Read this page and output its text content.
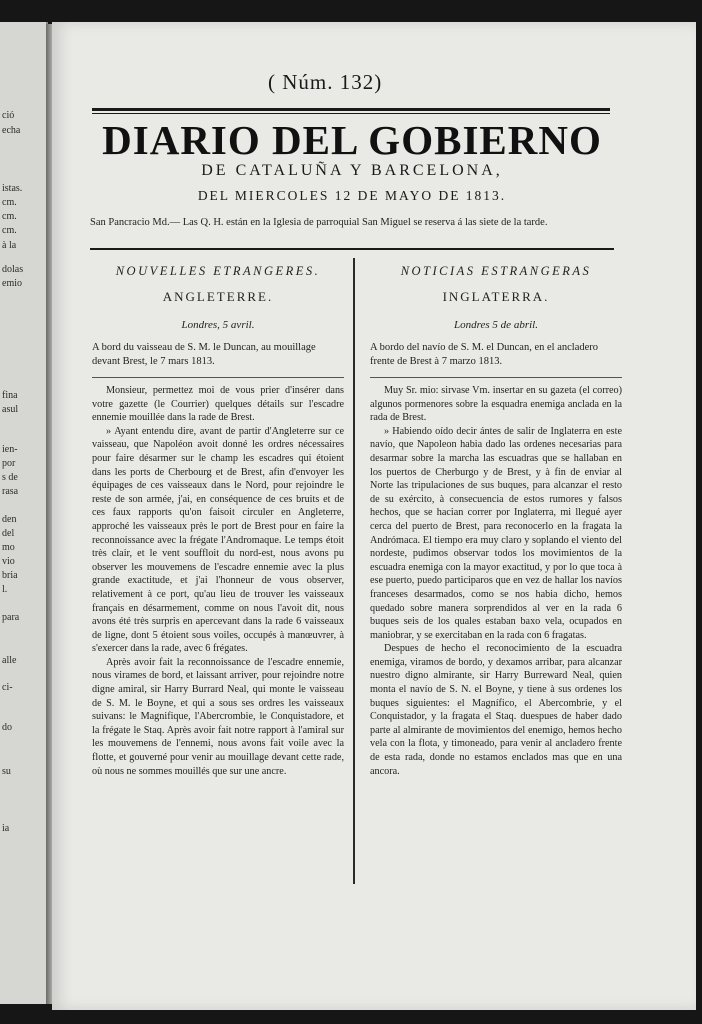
ció
echa
istas.
cm.
cm.
cm.
à la
dolas
emio
fina
asul
ien-
por
s de
rasa
den
del
mo
vio
bria
l.
para
alle
ci-
do
su
ia
( Núm. 132)
DIARIO DEL GOBIERNO
DE CATALUÑA Y BARCELONA,
DEL MIERCOLES 12 DE MAYO DE 1813.
San Pancracio Md.— Las Q. H. están en la Iglesia de parroquial San Miguel se reserva á las siete de la tarde.
NOUVELLES ETRANGERES.
ANGLETERRE.
Londres, 5 avril.
A bord du vaisseau de S. M. le Duncan, au mouillage devant Brest, le 7 mars 1813.

Monsieur, permettez moi de vous prier d'insérer dans votre gazette (le Courrier) quelques détails sur l'escadre ennemie mouillée dans la rade de Brest.

» Ayant entendu dire, avant de partir d'Angleterre sur ce vaisseau, que Napoléon avoit donné les ordres nécessaires pour faire désarmer sur le champ les escadres qui étoient dans les ports de Cherbourg et de Brest, afin d'envoyer les équipages de ces vaisseaux dans le Nord, pour rejoindre le reste de son armée, j'ai, en conséquence de ces bruits et de ces faux rapports qu'on faisoit circuler en Angleterre, approché les vaisseaux près le port de Brest pour en faire la reconnoissance avec la frégate l'Andromaque. Le temps étoit très clair, et le vent souffloit du nord-est, nous avons pu observer les mouvemens de l'escadre ennemie avec la plus grande exactitude, et j'ai l'honneur de vous observer, relativement à ce port, qu'au lieu de trouver les vaisseaux français en désarmement, comme on nous l'avoit dit, nous avons été très surpris en apercevant dans la rade 6 vaisseaux de ligne, dont 5 étoient sous voiles, occupés à manœuvrer, à s'exercer dans la rade, avec 6 frégates.

Après avoir fait la reconnoissance de l'escadre ennemie, nous virames de bord, et laissant arriver, pour rejoindre notre digne amiral, sir Harry Burrard Neal, qui monte le vaisseau de S. M. le Boyne, et qui a sous ses ordres les vaisseaux suivans: le Magnifique, l'Abercrombie, le Conquistadore, et la frégate le Staq. Après avoir fait notre rapport à l'amiral sur les mouvemens de l'ennemi, nous avons fait voile avec la flotte, et gouverné pour venir au mouillage devant cette rade, où nous ne sommes mouillés que sur une ancre.

NOTICIAS ESTRANGERAS
INGLATERRA.
Londres 5 de abril.
A bordo del navío de S. M. el Duncan, en el ancladero frente de Brest à 7 marzo 1813.

Muy Sr. mio: sirvase Vm. insertar en su gazeta (el correo) algunos pormenores sobre la esquadra enemiga anclada en la rada de Brest.

» Habiendo oído decir ántes de salir de Inglaterra en este navío, que Napoleon habia dado las ordenes necesarias para desarmar sobre la marcha las escuadras que se hallaban en los puertos de Cherburgo y de Brest, y à fin de enviar al Norte las tripulaciones de sus buques, para alcanzar el resto de su exército, à consecuencia de estos rumores y falsos hechos, que se hacian correr por Inglaterra, mi llegué ayer cerca del puerto de Brest, para reconocerlo en la fragata la Andrómaca. El tiempo era muy claro y soplando el viento del nordeste, pudimos observar todos los movimientos de la escuadra enemiga con la mayor exactitud, y por lo que toca à ese puerto, puedo participaros que en vez de hallar los navíos franceses desarmados, como se nos habia dicho, hemos quedado sobre manera sorprendidos al ver en la rada 6 buques seis de los quales estaban baxo vela, ocupados en maniobrar, y se exercitaban en la rada con 6 fragatas.

Despues de hecho el reconocimiento de la escuadra enemiga, viramos de bordo, y dexamos arribar, para alcanzar nuestro digno almirante, sir Harry Burreward Neal, quien monta el navío de S. N. el Boyne, y tiene à sus ordenes los buques siguientes: el Magnífico, el Abercombrie, y el Conquistador, y la fragata el Staq. duespues de haber dado parte al almirante de movimientos del enemigo, hemos hecho vela con la flota, y timoneado, para venir al ancladero frente de esta rada, donde no estamos enclados mas que en una ancora.
